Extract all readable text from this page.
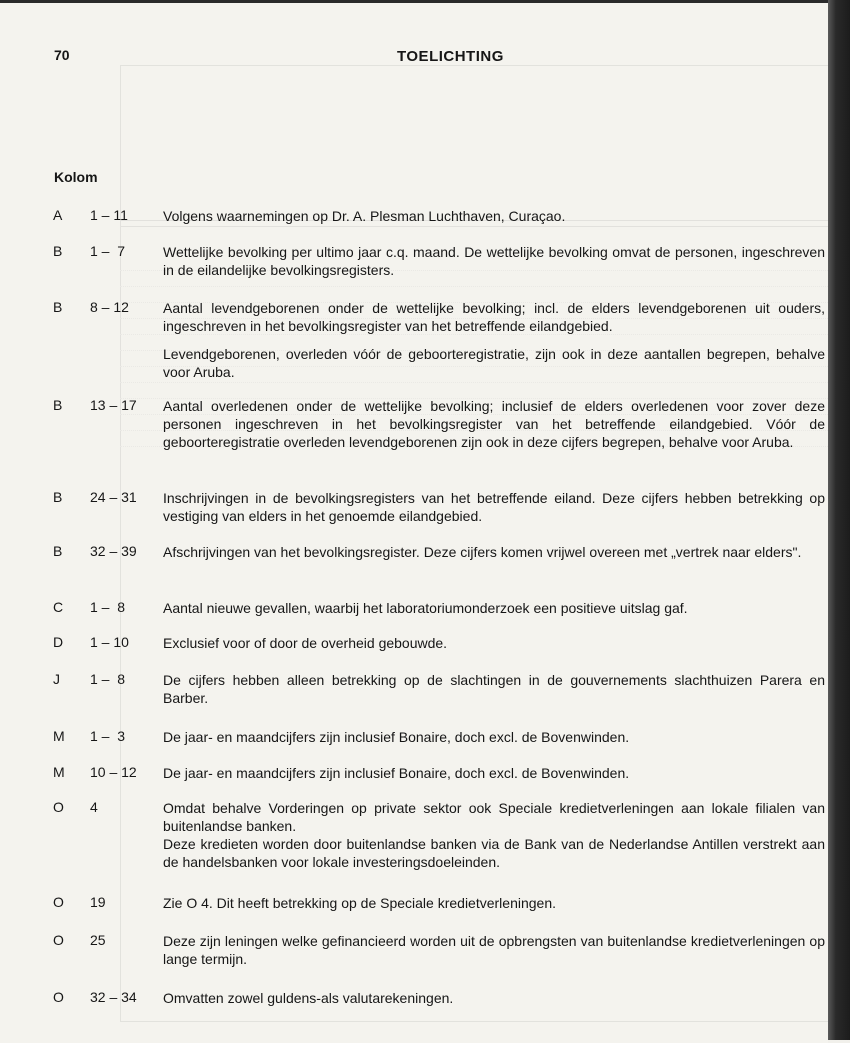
70	TOELICHTING
Kolom
A 1 – 11	Volgens waarnemingen op Dr. A. Plesman Luchthaven, Curaçao.

B 1 –  7	Wettelijke bevolking per ultimo jaar c.q. maand. De wettelijke bevolking omvat de personen, ingeschreven in de eilandelijke bevolkingsregisters.

B 8 – 12 Aantal levendgeborenen onder de wettelijke bevolking; incl. de elders levendgeborenen uit ouders, ingeschreven in het bevolkingsregister van het betreffende eilandgebied.

Levendgeborenen, overleden vóór de geboorteregistratie, zijn ook in deze aantallen begrepen, behalve voor Aruba.

B 13 – 17 Aantal overledenen onder de wettelijke bevolking; inclusief de elders overledenen voor zover deze personen ingeschreven in het bevolkingsregister van het betreffende eilandgebied. Vóór de geboorteregistratie overleden levendgeborenen zijn ook in deze cijfers begrepen, behalve voor Aruba.

B 24 – 31 Inschrijvingen in de bevolkingsregisters van het betreffende eiland. Deze cijfers hebben betrekking op vestiging van elders in het genoemde eilandgebied.

B 32 – 39 Afschrijvingen van het bevolkingsregister. Deze cijfers komen vrijwel overeen met „vertrek naar elders".

C 1 –  8	Aantal nieuwe gevallen, waarbij het laboratoriumonderzoek een positieve uitslag gaf.

D 1 – 10 Exclusief voor of door de overheid gebouwde.

J 1 –  8	De cijfers hebben alleen betrekking op de slachtingen in de gouvernements slachthuizen Parera en Barber.

M 1 –  3	De jaar- en maandcijfers zijn inclusief Bonaire, doch excl. de Bovenwinden.

M 10 – 12 De jaar- en maandcijfers zijn inclusief Bonaire, doch excl. de Bovenwinden.

O 4	Omdat behalve Vorderingen op private sektor ook Speciale kredietverleningen aan lokale filialen van buitenlandse banken.

Deze kredieten worden door buitenlandse banken via de Bank van de Nederlandse Antillen verstrekt aan de handelsbanken voor lokale investeringsdoeleinden.

O 19	Zie O 4. Dit heeft betrekking op de Speciale kredietverleningen.

O 25	Deze zijn leningen welke gefinancieerd worden uit de opbrengsten van buitenlandse kredietverleningen op lange termijn.

O 32 – 34 Omvatten zowel guldens-als valutarekeningen.
